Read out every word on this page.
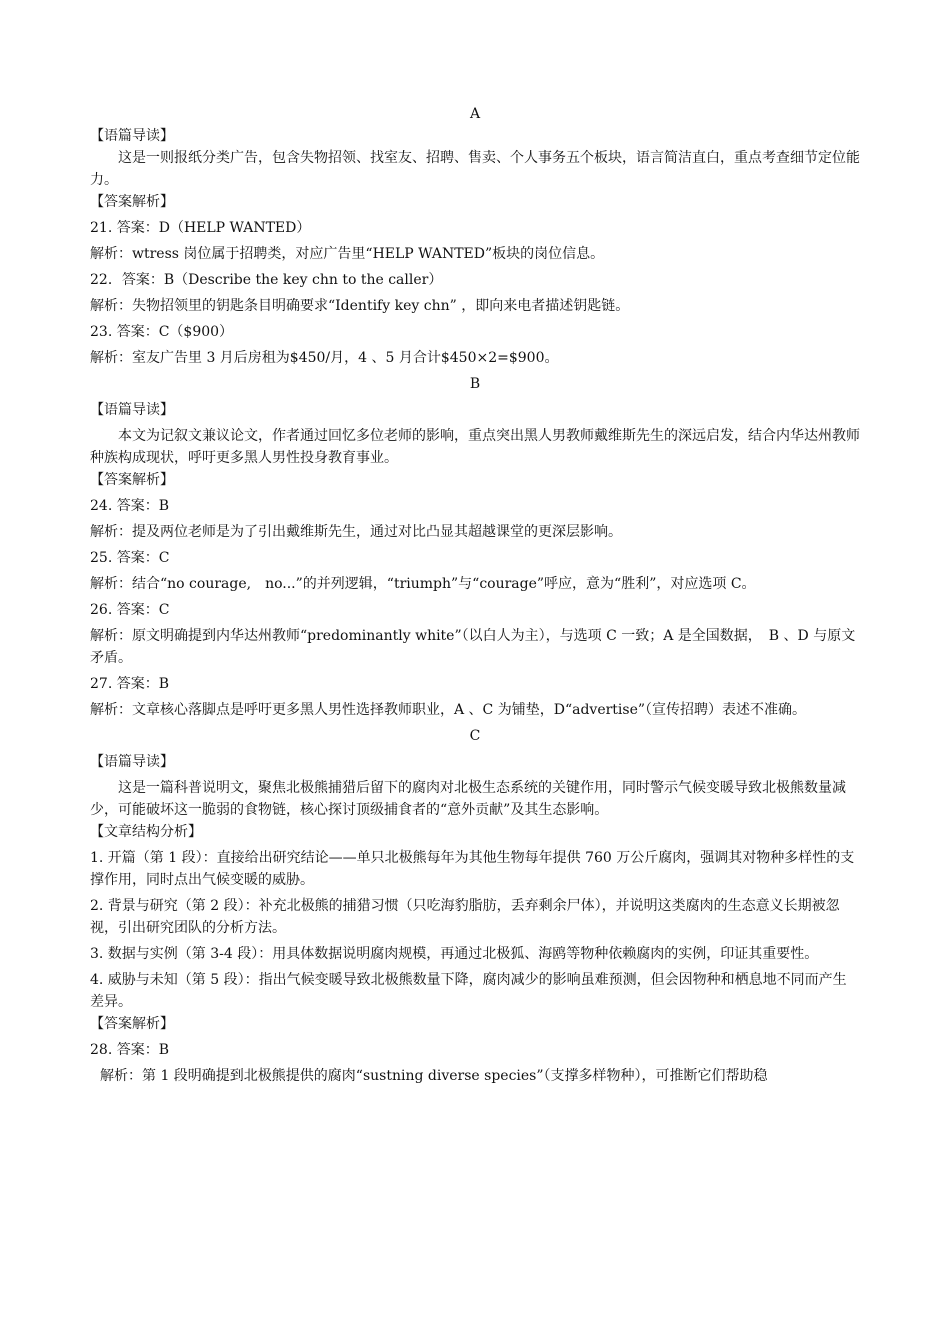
A

【语篇导读】

这是一则报纸分类广告，包含失物招领、找室友、招聘、售卖、个人事务五个板块，语言简洁直白，重点考查细节定位能力。

【答案解析】

21. 答案：D（HELP WANTED）

解析：wtress 岗位属于招聘类，对应广告里“HELP WANTED”板块的岗位信息。

22．答案：B（Describe the key chn to the caller）

解析：失物招领里的钥匙条目明确要求“Identify key chn” ，即向来电者描述钥匙链。

23. 答案：C（$900）

解析：室友广告里 3 月后房租为$450/月，4 、5 月合计$450×2=$900。

B

【语篇导读】

本文为记叙文兼议论文，作者通过回忆多位老师的影响，重点突出黑人男教师戴维斯先生的深远启发，结合内华达州教师种族构成现状，呼吁更多黑人男性投身教育事业。

【答案解析】

24. 答案：B

解析：提及两位老师是为了引出戴维斯先生，通过对比凸显其超越课堂的更深层影响。

25. 答案：C

解析：结合“no courage,　no...”的并列逻辑，“triumph”与“courage”呼应，意为“胜利”，对应选项 C。

26. 答案：C

解析：原文明确提到内华达州教师“predominantly white”（以白人为主），与选项 C 一致；A 是全国数据，　B 、D 与原文矛盾。

27. 答案：B

解析：文章核心落脚点是呼吁更多黑人男性选择教师职业，A 、C 为铺垫，D“advertise”（宣传招聘）表述不准确。

C

【语篇导读】

这是一篇科普说明文，聚焦北极熊捕猎后留下的腐肉对北极生态系统的关键作用，同时警示气候变暖导致北极熊数量减少，可能破坏这一脆弱的食物链，核心探讨顶级捕食者的“意外贡献”及其生态影响。

【文章结构分析】

1. 开篇（第 1 段）：直接给出研究结论——单只北极熊每年为其他生物每年提供 760 万公斤腐肉，强调其对物种多样性的支撑作用，同时点出气候变暖的威胁。

2. 背景与研究（第 2 段）：补充北极熊的捕猎习惯（只吃海豹脂肪，丢弃剩余尸体），并说明这类腐肉的生态意义长期被忽视，引出研究团队的分析方法。

3. 数据与实例（第 3-4 段）：用具体数据说明腐肉规模，再通过北极狐、海鸥等物种依赖腐肉的实例，印证其重要性。

4. 威胁与未知（第 5 段）：指出气候变暖导致北极熊数量下降，腐肉减少的影响虽难预测，但会因物种和栖息地不同而产生差异。

【答案解析】

28. 答案：B

解析：第 1 段明确提到北极熊提供的腐肉“sustning diverse species”（支撑多样物种），可推断它们帮助稳
